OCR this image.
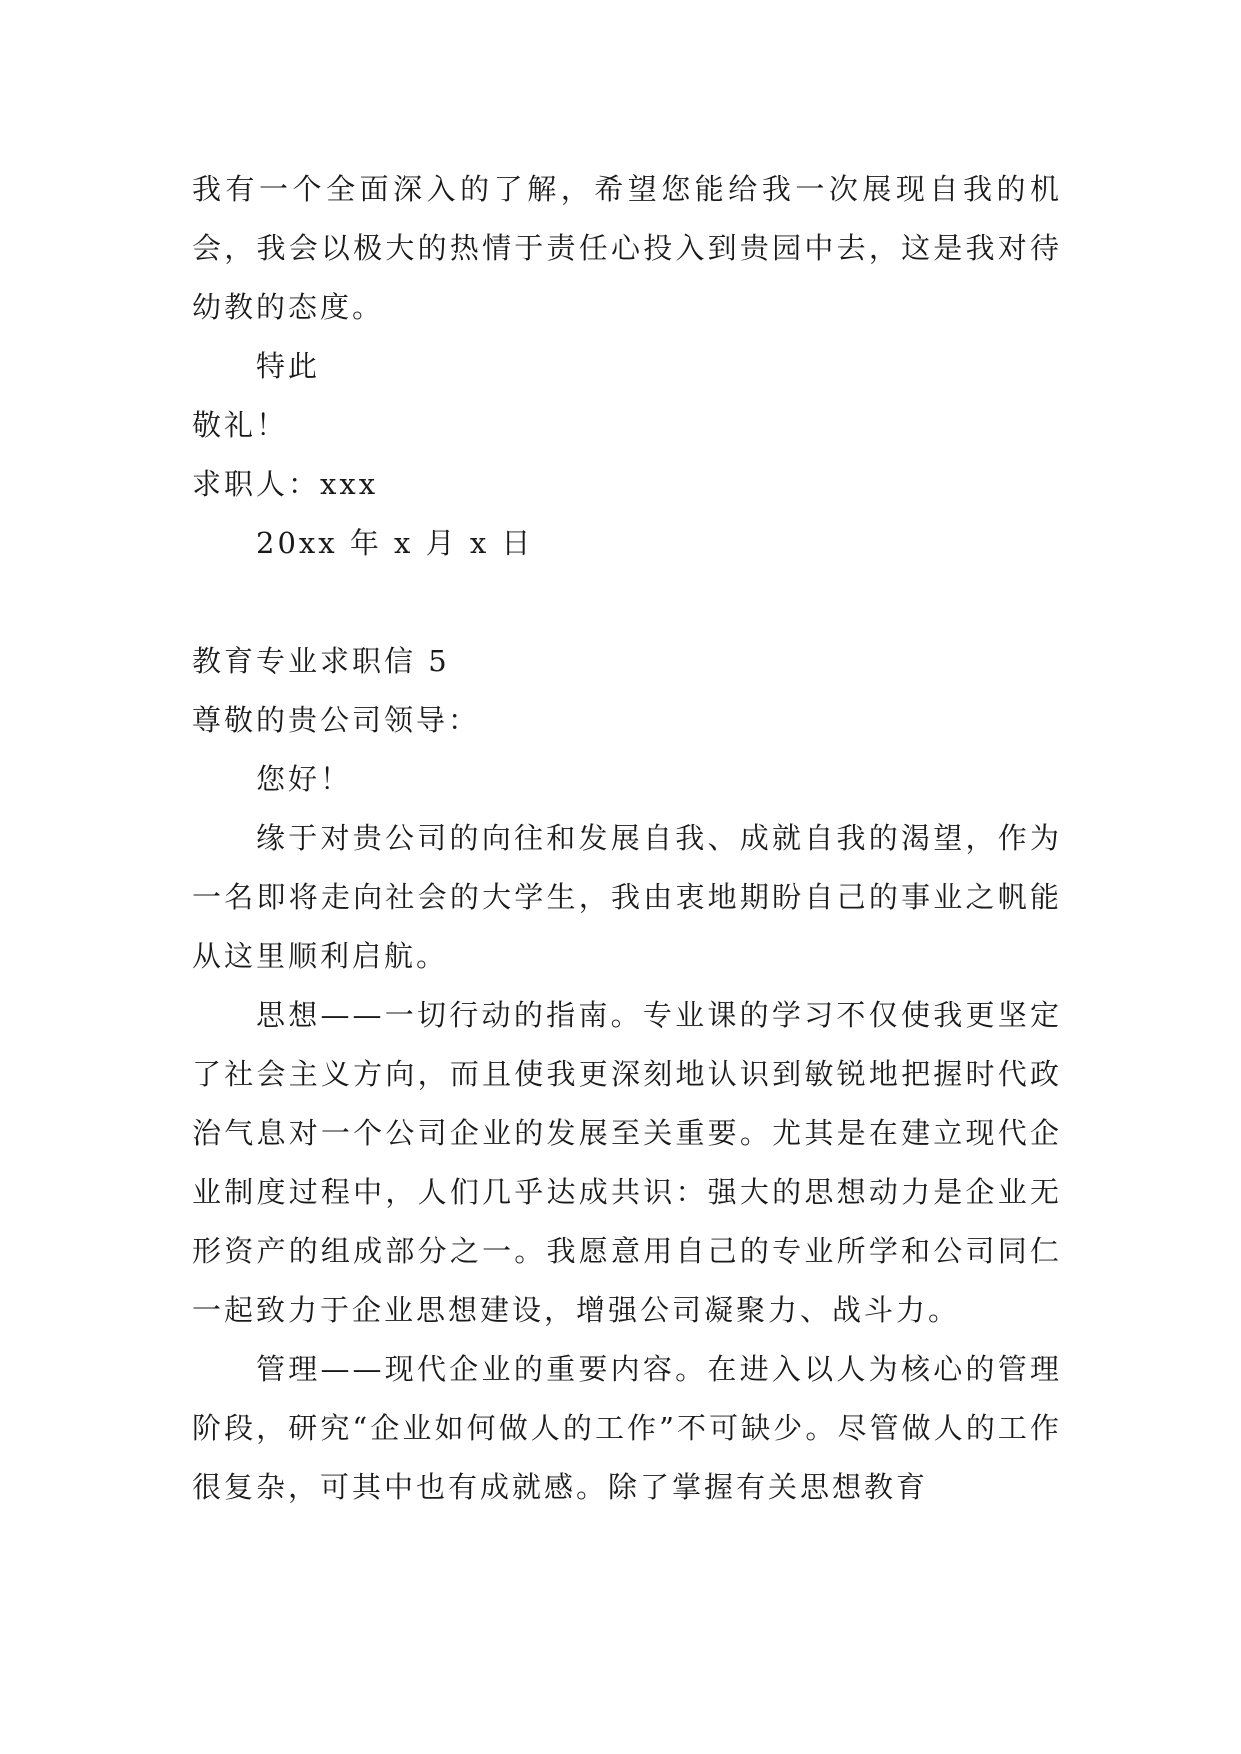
我有一个全面深入的了解，希望您能给我一次展现自我的机会，我会以极大的热情于责任心投入到贵园中去，这是我对待幼教的态度。

特此

敬礼！

求职人：xxx

20xx 年 x 月 x 日

教育专业求职信 5

尊敬的贵公司领导：

您好！

缘于对贵公司的向往和发展自我、成就自我的渴望，作为一名即将走向社会的大学生，我由衷地期盼自己的事业之帆能从这里顺利启航。

思想——一切行动的指南。专业课的学习不仅使我更坚定了社会主义方向，而且使我更深刻地认识到敏锐地把握时代政治气息对一个公司企业的发展至关重要。尤其是在建立现代企业制度过程中，人们几乎达成共识：强大的思想动力是企业无形资产的组成部分之一。我愿意用自己的专业所学和公司同仁一起致力于企业思想建设，增强公司凝聚力、战斗力。

管理——现代企业的重要内容。在进入以人为核心的管理阶段，研究“企业如何做人的工作”不可缺少。尽管做人的工作很复杂，可其中也有成就感。除了掌握有关思想教育
